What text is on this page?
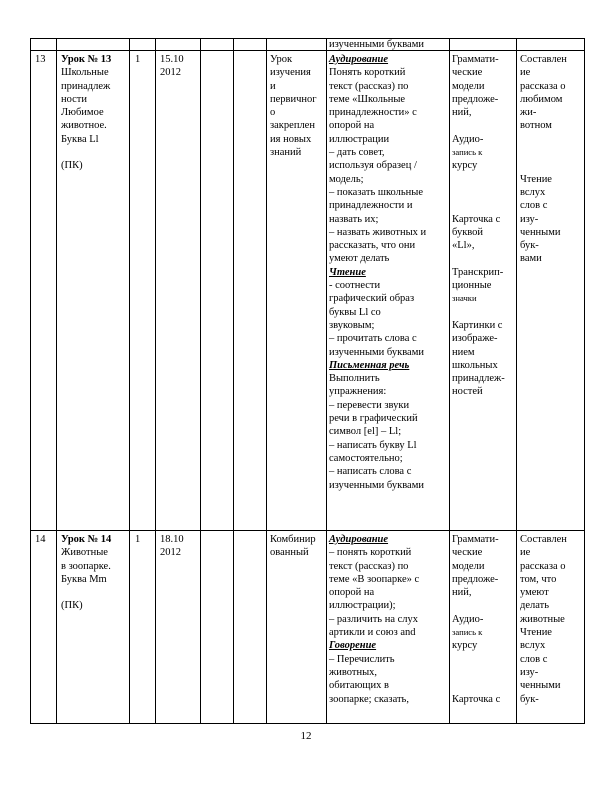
изученными буквами
13 Урок № 13
Школьные
принадлеж
ности
Любимое
животное.
Буква Ll

(ПК)
1 15.10
2012
Урок
изучения
и
первичног
о
закреплен
ия новых
знаний
Аудирование
Понять короткий
текст (рассказ) по
теме «Школьные
принадлежности» с
опорой на
иллюстрации
– дать совет,
используя образец /
модель;
– показать школьные
принадлежности и
назвать их;
– назвать животных и
рассказать, что они
умеют делать
Чтение
- соотнести
графический образ
буквы Ll со
звуковым;
– прочитать слова с
изученными буквами
Письменная речь
Выполнить
упражнения:
– перевести звуки
речи в графический
символ [el] – Ll;
– написать букву Ll
самостоятельно;
– написать слова с
изученными буквами
Граммати-
ческие
модели
предложе-
ний,

Аудио-
запись к
курсу

Карточка с
буквой
«Ll»,

Транскрип-
ционные
значки

Картинки с
изображе-
нием
школьных
принадлеж-
ностей
Составлен
ие
рассказа о
любимом
жи-
вотном

Чтение
вслух
слов с
изу-
ченными
бук-
вами
14 Урок № 14
Животные
в зоопарке.
Буква Mm

(ПК)
1 18.10
2012
Комбинир
ованный
Аудирование
– понять короткий
текст (рассказ) по
теме «В зоопарке» с
опорой на
иллюстрации);
– различить на слух
артикли и союз and
Говорение
– Перечислить
животных,
обитающих в
зоопарке; сказать,
Граммати-
ческие
модели
предложе-
ний,

Аудио-
запись к
курсу

Карточка с
Составлен
ие
рассказа о
том, что
умеют
делать
животные
Чтение
вслух
слов с
изу-
ченными
бук-
12
